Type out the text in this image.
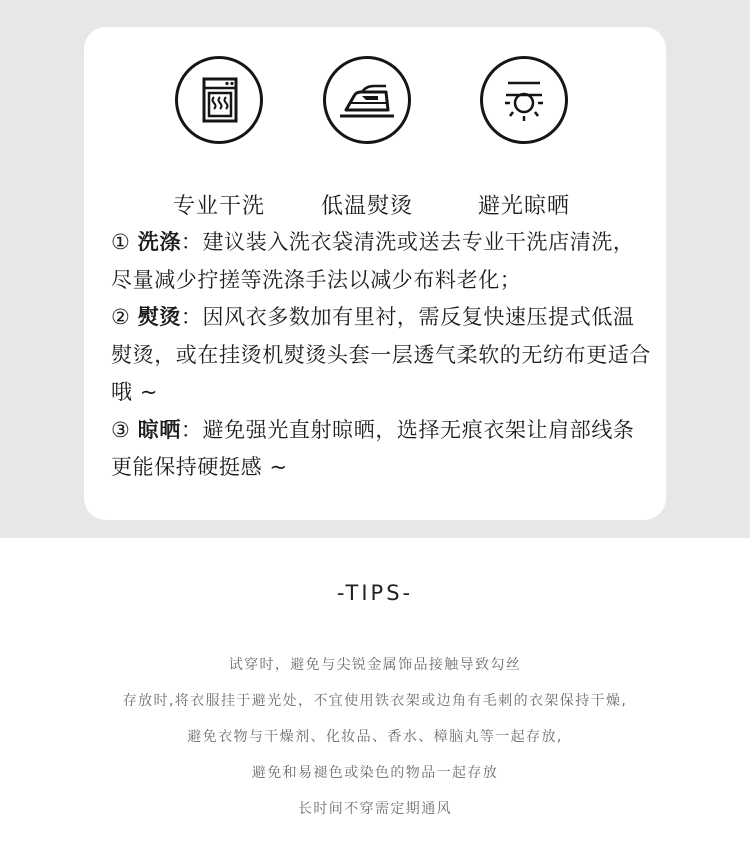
专业干洗	低温熨烫	避光晾晒

① 洗涤：建议装入洗衣袋清洗或送去专业干洗店清洗，尽量减少拧搓等洗涤手法以减少布料老化；

② 熨烫：因风衣多数加有里衬，需反复快速压提式低温熨烫，或在挂烫机熨烫头套一层透气柔软的无纺布更适合哦 ~

③ 晾晒：避免强光直射晾晒，选择无痕衣架让肩部线条更能保持硬挺感 ~

-TIPS-
试穿时，避免与尖锐金属饰品接触导致勾丝
存放时,将衣服挂于避光处，不宜使用铁衣架或边角有毛刺的衣架保持干燥,
避免衣物与干燥剂、化妆品、香水、樟脑丸等一起存放,
避免和易褪色或染色的物品一起存放
长时间不穿需定期通风
